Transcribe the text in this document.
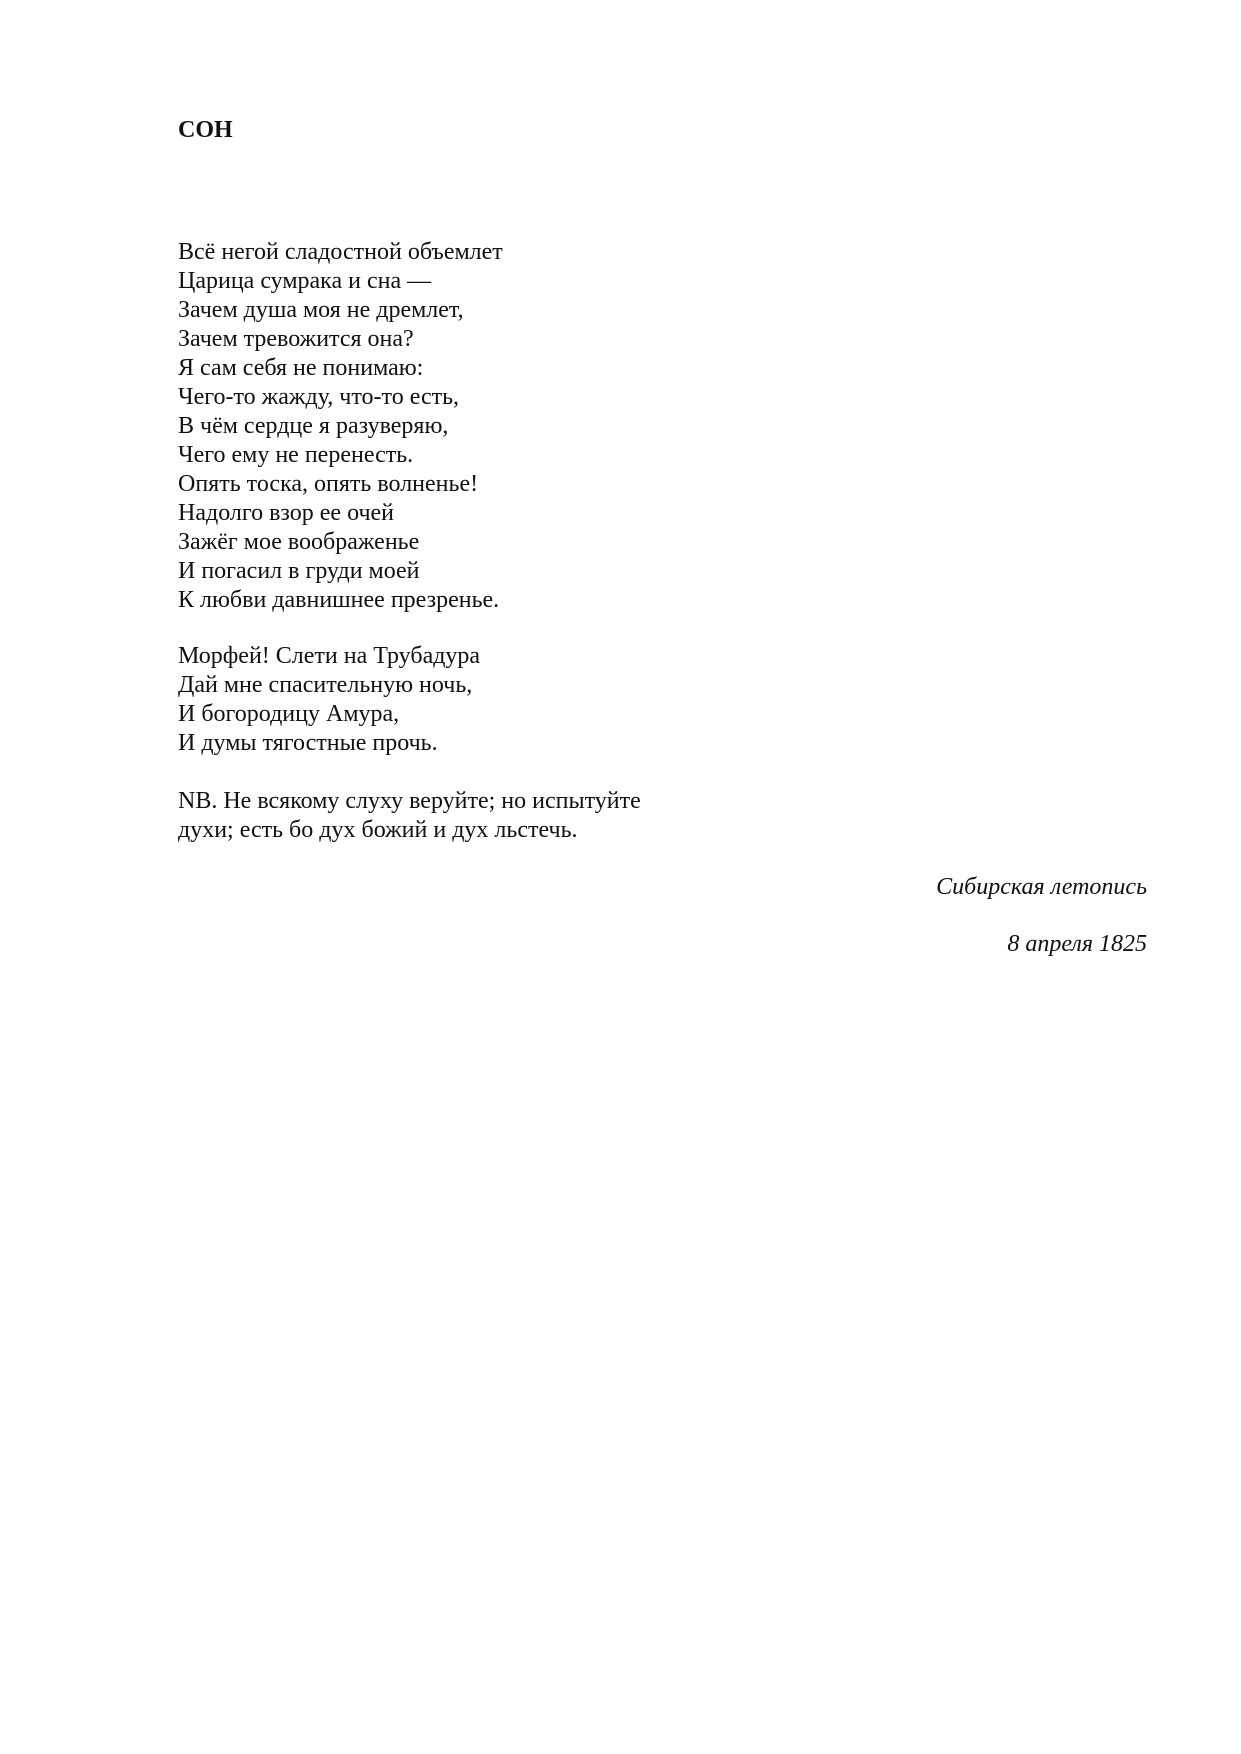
СОН
Всё негой сладостной объемлет
Царица сумрака и сна —
Зачем душа моя не дремлет,
Зачем тревожится она?
Я сам себя не понимаю:
Чего-то жажду, что-то есть,
В чём сердце я разуверяю,
Чего ему не перенесть.
Опять тоска, опять волненье!
Надолго взор ее очей
Зажёг мое воображенье
И погасил в груди моей
К любви давнишнее презренье.
Морфей! Слети на Трубадура
Дай мне спасительную ночь,
И богородицу Амура,
И думы тягостные прочь.
NB. Не всякому слуху веруйте; но испытуйте
духи; есть бо дух божий и дух льстечь.

Сибирская летопись

8 апреля 1825
